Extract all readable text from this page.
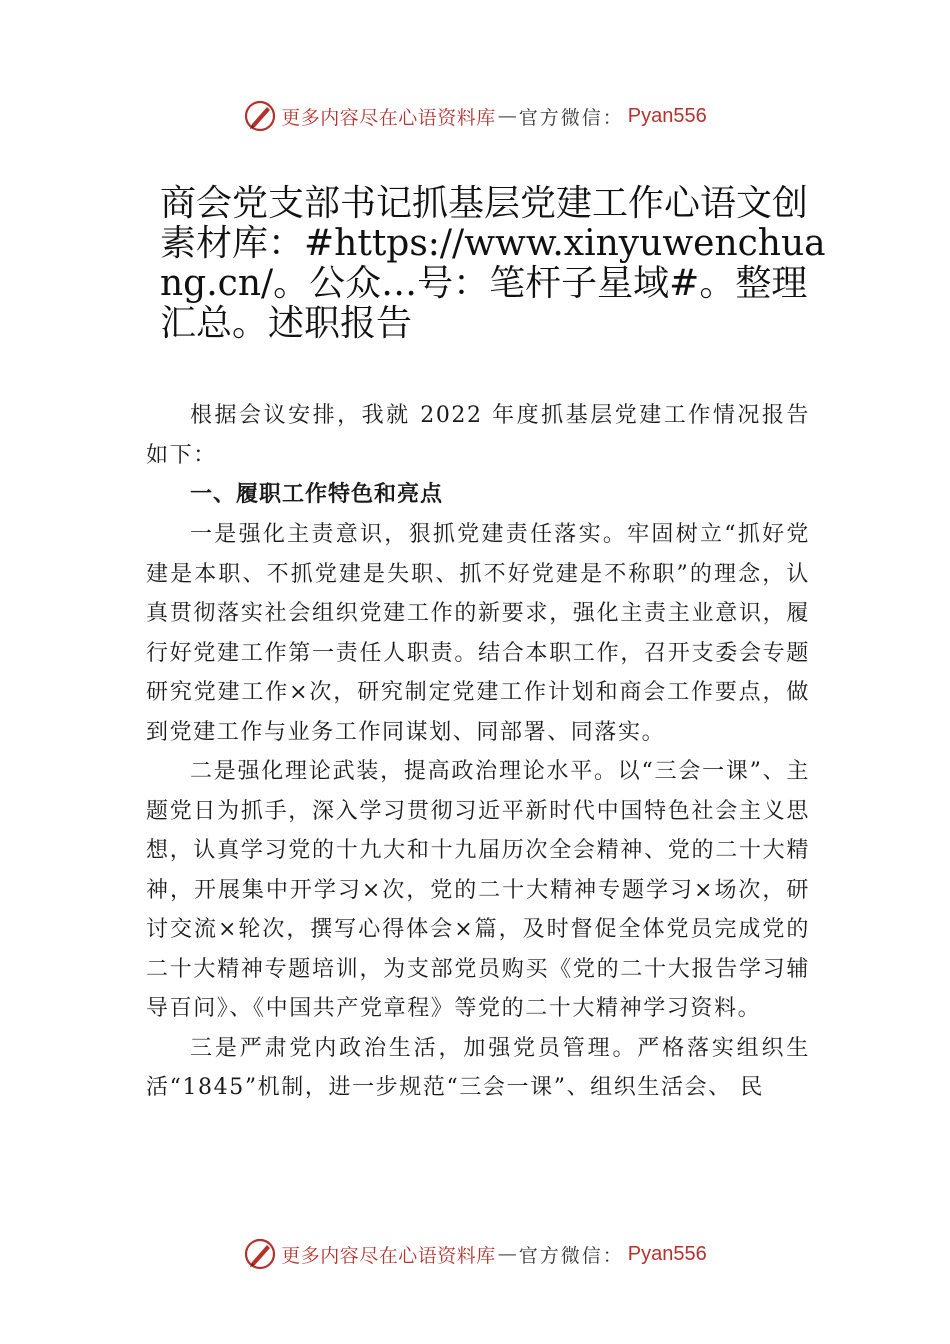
更多内容尽在心语资料库 — 官方微信： Pyan556
商会党支部书记抓基层党建工作心语文创素材库：#https://www.xinyuwenchuang.cn/。公众…号：笔杆子星域#。整理汇总。述职报告

根据会议安排，我就 2022 年度抓基层党建工作情况报告如下：

一、履职工作特色和亮点

一是强化主责意识，狠抓党建责任落实。牢固树立“抓好党建是本职、不抓党建是失职、抓不好党建是不称职”的理念，认真贯彻落实社会组织党建工作的新要求，强化主责主业意识，履行好党建工作第一责任人职责。结合本职工作，召开支委会专题研究党建工作×次，研究制定党建工作计划和商会工作要点，做到党建工作与业务工作同谋划、同部署、同落实。

二是强化理论武装，提高政治理论水平。以“三会一课”、主题党日为抓手，深入学习贯彻习近平新时代中国特色社会主义思想，认真学习党的十九大和十九届历次全会精神、党的二十大精神，开展集中开学习×次，党的二十大精神专题学习×场次，研讨交流×轮次，撰写心得体会×篇，及时督促全体党员完成党的二十大精神专题培训，为支部党员购买《党的二十大报告学习辅导百问》、《中国共产党章程》等党的二十大精神学习资料。

三是严肃党内政治生活，加强党员管理。严格落实组织生活“1845”机制，进一步规范“三会一课”、组织生活会、 民

更多内容尽在心语资料库 — 官方微信： Pyan556
